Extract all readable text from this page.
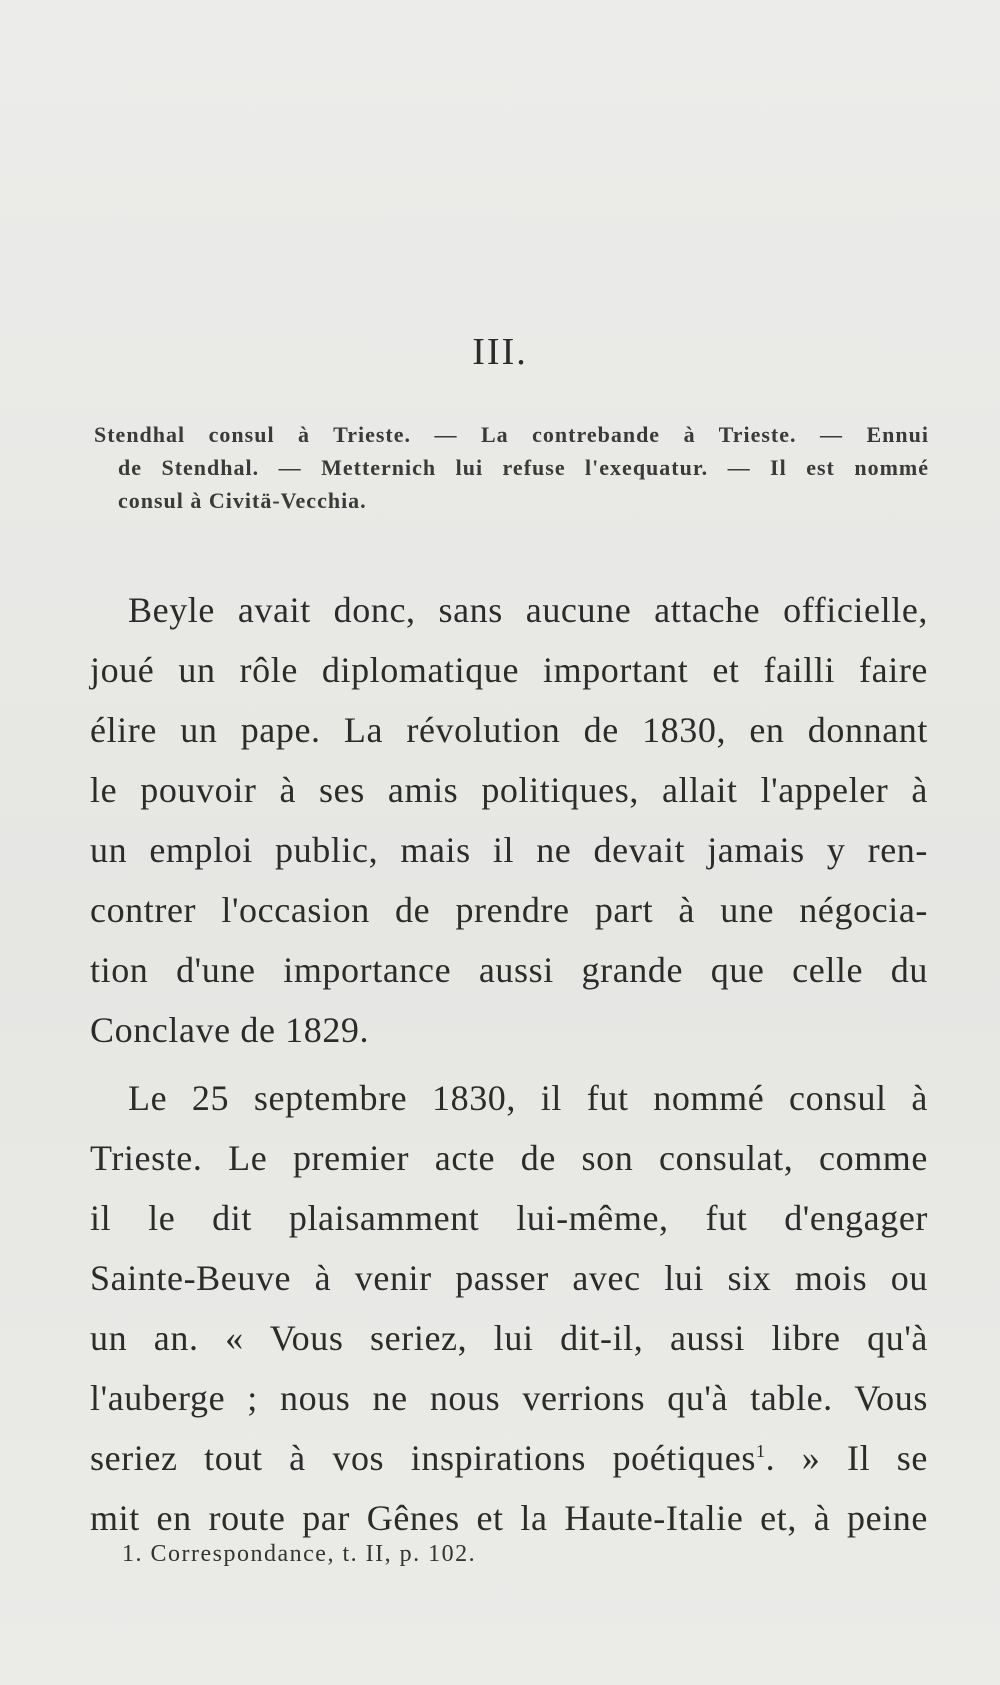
III.
Stendhal consul à Trieste. — La contrebande à Trieste. — Ennui
de Stendhal. — Metternich lui refuse l'exequatur. — Il est nommé
consul à Civitä-Vecchia.
Beyle avait donc, sans aucune attache officielle,
joué un rôle diplomatique important et failli faire
élire un pape. La révolution de 1830, en donnant
le pouvoir à ses amis politiques, allait l'appeler à
un emploi public, mais il ne devait jamais y ren-
contrer l'occasion de prendre part à une négocia-
tion d'une importance aussi grande que celle du
Conclave de 1829.
Le 25 septembre 1830, il fut nommé consul à
Trieste. Le premier acte de son consulat, comme
il le dit plaisamment lui-même, fut d'engager
Sainte-Beuve à venir passer avec lui six mois ou
un an. « Vous seriez, lui dit-il, aussi libre qu'à
l'auberge ; nous ne nous verrions qu'à table. Vous
seriez tout à vos inspirations poétiques$^1$. » Il se
mit en route par Gênes et la Haute-Italie et, à peine
1. Correspondance, t. II, p. 102.
